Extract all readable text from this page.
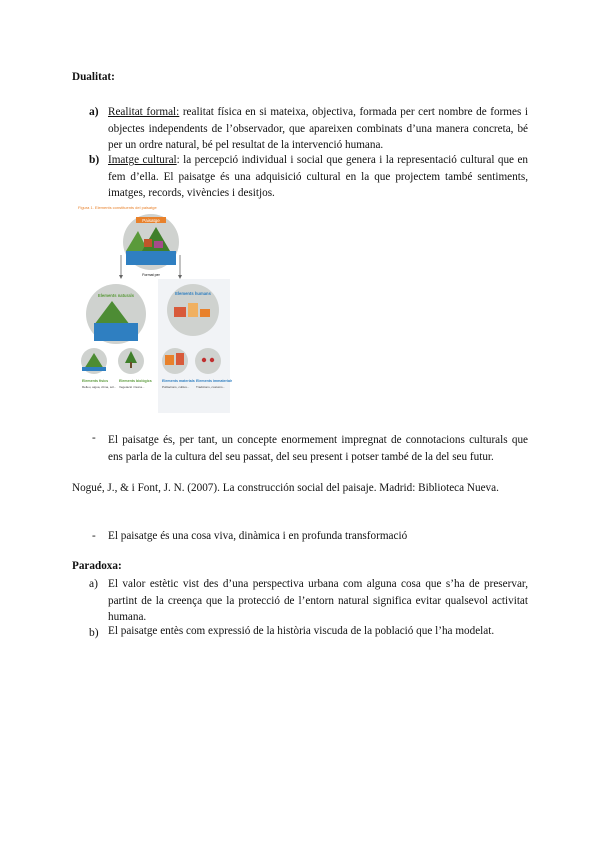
Dualitat:
a) Realitat formal: realitat física en si mateixa, objectiva, formada per cert nombre de formes i objectes independents de l’observador, que apareixen combinats d’una manera concreta, bé per un ordre natural, bé pel resultat de la intervenció humana.
b) Imatge cultural: la percepció individual i social que genera i la representació cultural que en fem d’ella. El paisatge és una adquisició cultural en la que projectem també sentiments, imatges, records, vivències i desitjos.
Figura 1. Elements constituents del paisatge
Paisatge
Format per
Elements naturals	Elements humans
Elements físics
Relleu, aigua, clima, sòl...
Elements biològics
Vegetació i fauna...
Elements materials
Poblacions, cultius...
Elements immaterials
Tradicions, costums...
- El paisatge és, per tant, un concepte enormement impregnat de connotacions culturals que ens parla de la cultura del seu passat, del seu present i potser també de la del seu futur.
Nogué, J., & i Font, J. N. (2007). La construcción social del paisaje. Madrid: Biblioteca Nueva.
- El paisatge és una cosa viva, dinàmica i en profunda transformació
Paradoxa:
a) El valor estètic vist des d’una perspectiva urbana com alguna cosa que s’ha de preservar, partint de la creença que la protecció de l’entorn natural significa evitar qualsevol activitat humana.
b) El paisatge entès com expressió de la història viscuda de la població que l’ha modelat.
